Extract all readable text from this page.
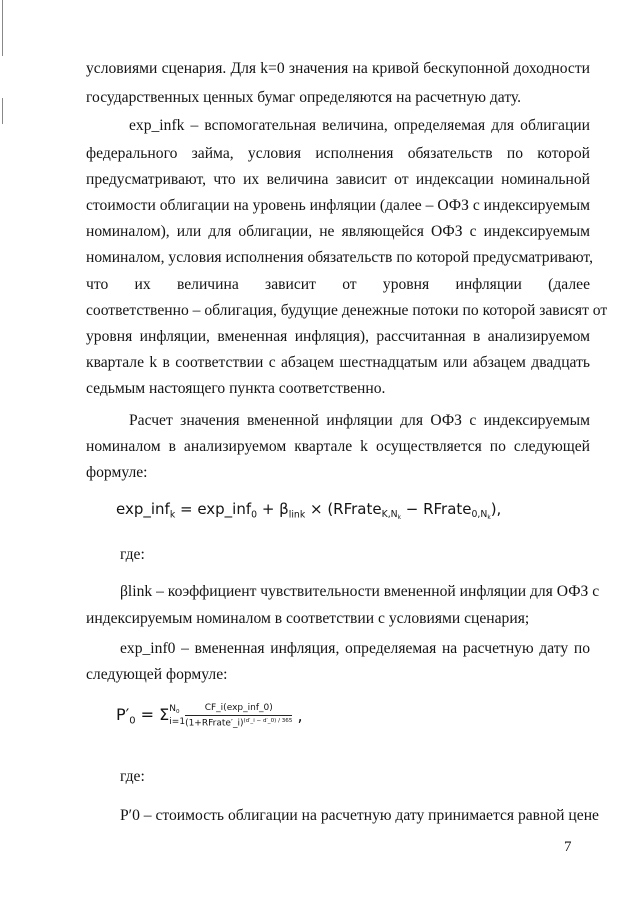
условиями сценария. Для k=0 значения на кривой бескупонной доходности
государственных ценных бумаг определяются на расчетную дату.
exp_infk – вспомогательная величина, определяемая для облигации
федерального займа, условия исполнения обязательств по которой
предусматривают, что их величина зависит от индексации номинальной
стоимости облигации на уровень инфляции (далее – ОФЗ с индексируемым
номиналом), или для облигации, не являющейся ОФЗ с индексируемым
номиналом, условия исполнения обязательств по которой предусматривают,
что их величина зависит от уровня инфляции (далее
соответственно – облигация, будущие денежные потоки по которой зависят от
уровня инфляции, вмененная инфляция), рассчитанная в анализируемом
квартале k в соответствии с абзацем шестнадцатым или абзацем двадцать
седьмым настоящего пункта соответственно.
Расчет значения вмененной инфляции для ОФЗ с индексируемым
номиналом в анализируемом квартале k осуществляется по следующей
формуле:
exp_inf$_k$ = exp_inf$_0$ + $\beta_{link}$ × (RFrate$_{K,N_k}$ − RFrate$_{0,N_k}$),
где:
βlink – коэффициент чувствительности вмененной инфляции для ОФЗ с
индексируемым номиналом в соответствии с условиями сценария;
exp_inf0 – вмененная инфляция, определяемая на расчетную дату по
следующей формуле:
$P'_0 = \Sigma$ $N_0$
$i=1 \frac{\text{CF\_i(exp\_inf\_0)}}{(1+RFrate'\_i)^{(d'\_i - d'\_0) / 365}}$ ,
где:
P′0 – стоимость облигации на расчетную дату принимается равной цене
7
